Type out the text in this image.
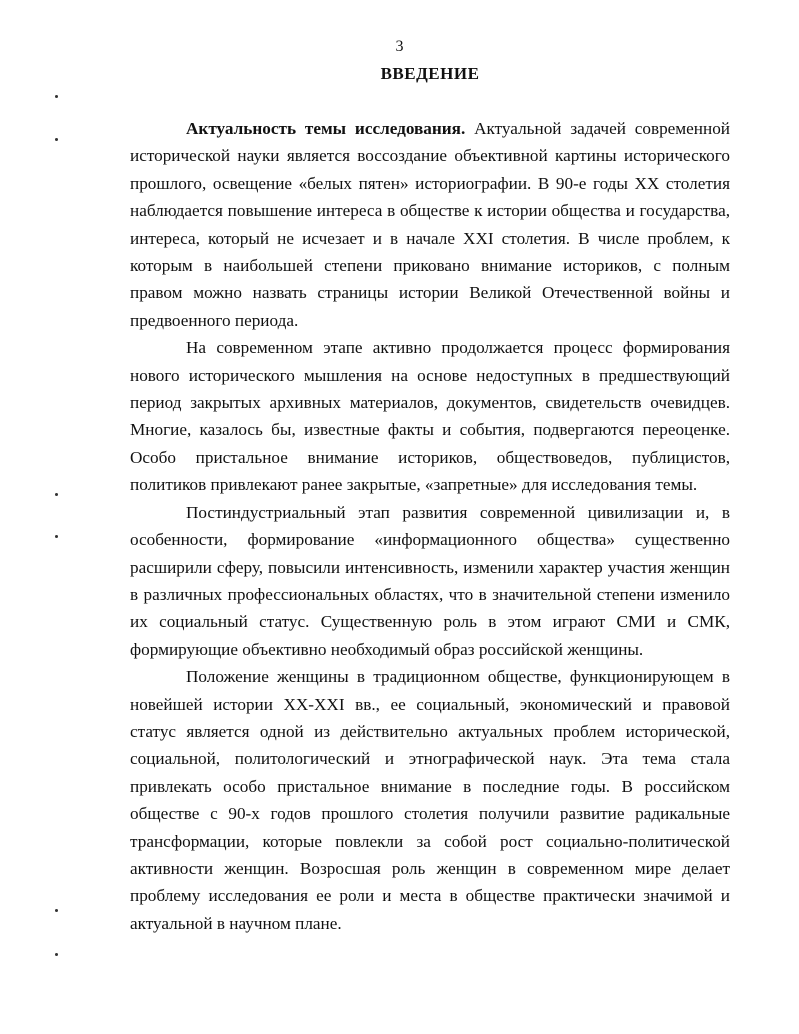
3
ВВЕДЕНИЕ

Актуальность темы исследования. Актуальной задачей современной исторической науки является воссоздание объективной картины исторического прошлого, освещение «белых пятен» историографии. В 90-е годы XX столетия наблюдается повышение интереса в обществе к истории общества и государства, интереса, который не исчезает и в начале XXI столетия. В числе проблем, к которым в наибольшей степени приковано внимание историков, с полным правом можно назвать страницы истории Великой Отечественной войны и предвоенного периода.

На современном этапе активно продолжается процесс формирования нового исторического мышления на основе недоступных в предшествующий период закрытых архивных материалов, документов, свидетельств очевидцев. Многие, казалось бы, известные факты и события, подвергаются переоценке. Особо пристальное внимание историков, обществоведов, публицистов, политиков привлекают ранее закрытые, «запретные» для исследования темы.

Постиндустриальный этап развития современной цивилизации и, в особенности, формирование «информационного общества» существенно расширили сферу, повысили интенсивность, изменили характер участия женщин в различных профессиональных областях, что в значительной степени изменило их социальный статус. Существенную роль в этом играют СМИ и СМК, формирующие объективно необходимый образ российской женщины.

Положение женщины в традиционном обществе, функционирующем в новейшей истории XX-XXI вв., ее социальный, экономический и правовой статус является одной из действительно актуальных проблем исторической, социальной, политологический и этнографической наук. Эта тема стала привлекать особо пристальное внимание в последние годы. В российском обществе с 90-х годов прошлого столетия получили развитие радикальные трансформации, которые повлекли за собой рост социально-политической активности женщин. Возросшая роль женщин в современном мире делает проблему исследования ее роли и места в обществе практически значимой и актуальной в научном плане.
